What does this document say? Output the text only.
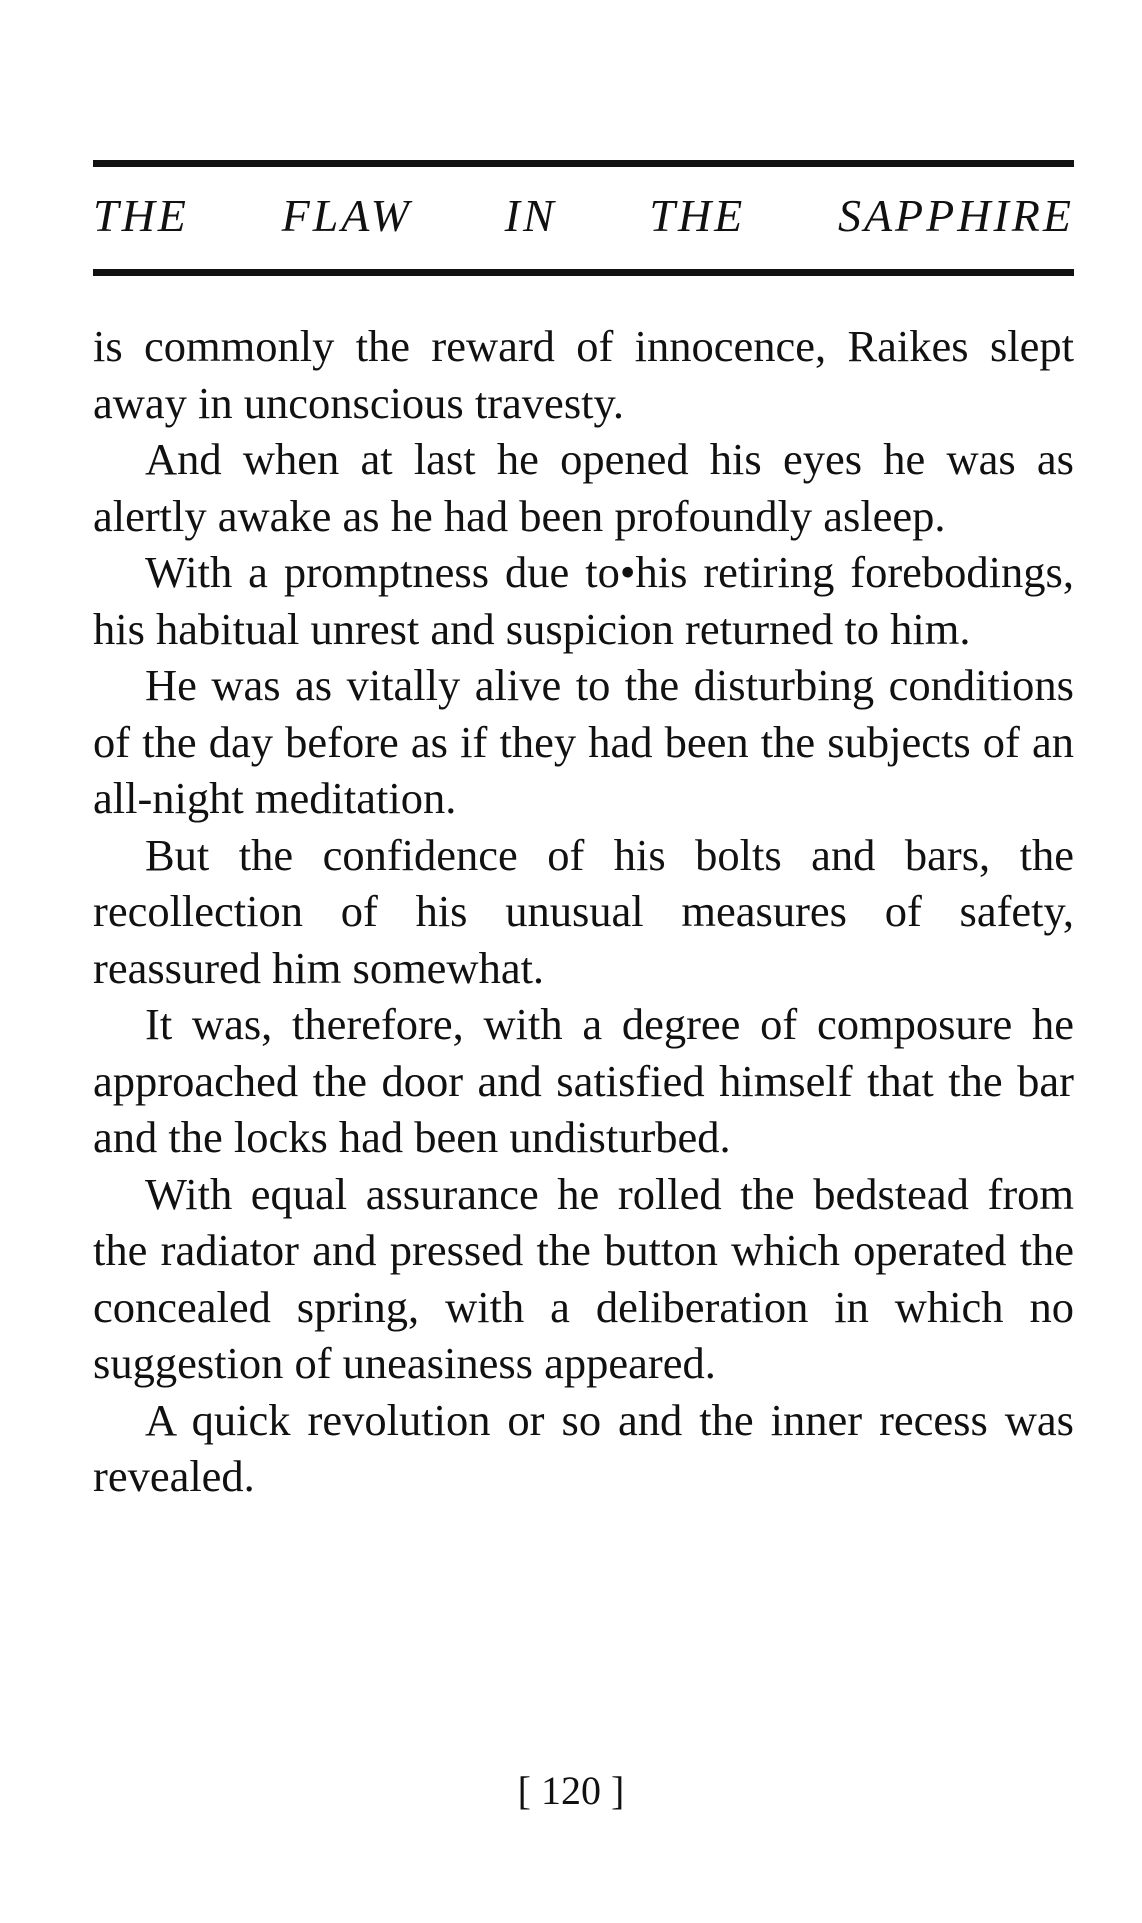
THE FLAW IN THE SAPPHIRE

is commonly the reward of innocence, Raikes slept away in unconscious travesty.

And when at last he opened his eyes he was as alertly awake as he had been profoundly asleep.

With a promptness due to•his retiring forebodings, his habitual unrest and suspicion returned to him.

He was as vitally alive to the disturbing conditions of the day before as if they had been the subjects of an all-night meditation.

But the confidence of his bolts and bars, the recollection of his unusual measures of safety, reassured him somewhat.

It was, therefore, with a degree of composure he approached the door and satisfied himself that the bar and the locks had been undisturbed.

With equal assurance he rolled the bedstead from the radiator and pressed the button which operated the concealed spring, with a deliberation in which no suggestion of uneasiness appeared.

A quick revolution or so and the inner recess was revealed.

[ 120 ]
